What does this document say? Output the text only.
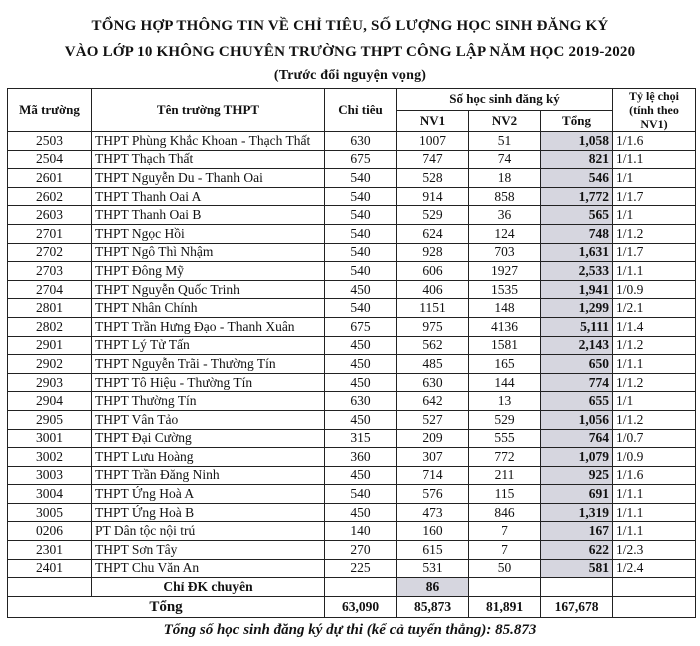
TỔNG HỢP THÔNG TIN VỀ CHỈ TIÊU, SỐ LƯỢNG HỌC SINH ĐĂNG KÝ
VÀO LỚP 10 KHÔNG CHUYÊN TRƯỜNG THPT CÔNG LẬP NĂM HỌC 2019-2020
(Trước đổi nguyện vọng)
Mã trường	Tên trường THPT	Chỉ tiêu	Số học sinh đăng ký			Tỷ lệ chọi (tính theo NV1)
			NV1	NV2	Tổng	
2503	THPT Phùng Khắc Khoan - Thạch Thất	630	1007	51	1,058	1/1.6
2504	THPT Thạch Thất	675	747	74	821	1/1.1
2601	THPT Nguyễn Du - Thanh Oai	540	528	18	546	1/1
2602	THPT Thanh Oai A	540	914	858	1,772	1/1.7
2603	THPT Thanh Oai B	540	529	36	565	1/1
2701	THPT Ngọc Hồi	540	624	124	748	1/1.2
2702	THPT Ngô Thì Nhậm	540	928	703	1,631	1/1.7
2703	THPT Đông Mỹ	540	606	1927	2,533	1/1.1
2704	THPT Nguyễn Quốc Trinh	450	406	1535	1,941	1/0.9
2801	THPT Nhân Chính	540	1151	148	1,299	1/2.1
2802	THPT Trần Hưng Đạo - Thanh Xuân	675	975	4136	5,111	1/1.4
2901	THPT Lý Tử Tấn	450	562	1581	2,143	1/1.2
2902	THPT Nguyễn Trãi - Thường Tín	450	485	165	650	1/1.1
2903	THPT Tô Hiệu - Thường Tín	450	630	144	774	1/1.2
2904	THPT Thường Tín	630	642	13	655	1/1
2905	THPT Vân Tảo	450	527	529	1,056	1/1.2
3001	THPT Đại Cường	315	209	555	764	1/0.7
3002	THPT Lưu Hoàng	360	307	772	1,079	1/0.9
3003	THPT Trần Đăng Ninh	450	714	211	925	1/1.6
3004	THPT Ứng Hoà A	540	576	115	691	1/1.1
3005	THPT Ứng Hoà B	450	473	846	1,319	1/1.1
0206	PT Dân tộc nội trú	140	160	7	167	1/1.1
2301	THPT Sơn Tây	270	615	7	622	1/2.3
2401	THPT Chu Văn An	225	531	50	581	1/2.4
	Chỉ ĐK chuyên		86			
Tổng		63,090	85,873	81,891	167,678	
Tổng số học sinh đăng ký dự thi (kể cả tuyển thẳng): 85.873
